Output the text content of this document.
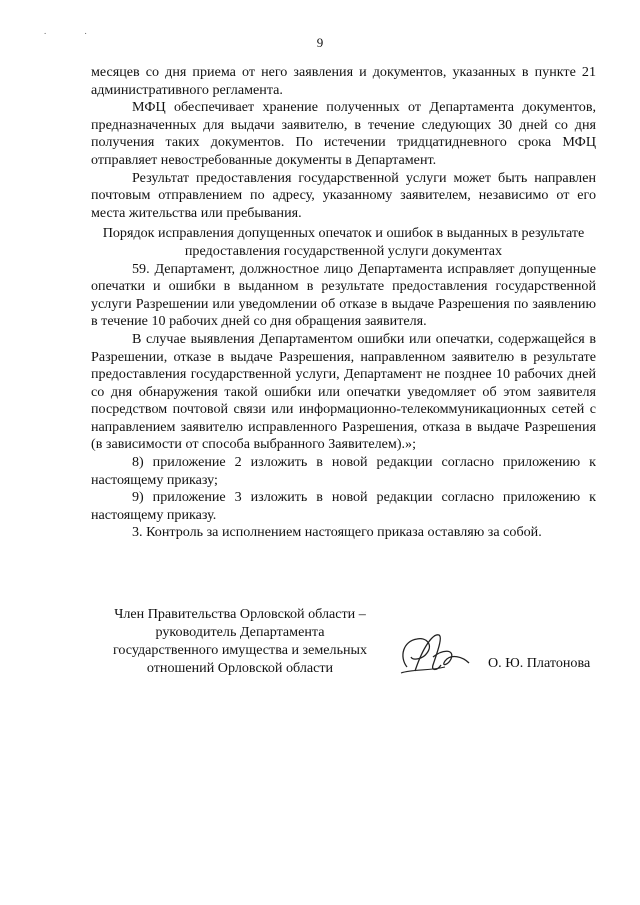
. .
9

месяцев со дня приема от него заявления и документов, указанных в пункте 21 административного регламента.

МФЦ обеспечивает хранение полученных от Департамента документов, предназначенных для выдачи заявителю, в течение следующих 30 дней со дня получения таких документов. По истечении тридцатидневного срока МФЦ отправляет невостребованные документы в Департамент.

Результат предоставления государственной услуги может быть направлен почтовым отправлением по адресу, указанному заявителем, независимо от его места жительства или пребывания.

Порядок исправления допущенных опечаток и ошибок в выданных в результате предоставления государственной услуги документах

59. Департамент, должностное лицо Департамента исправляет допущенные опечатки и ошибки в выданном в результате предоставления государственной услуги Разрешении или уведомлении об отказе в выдаче Разрешения по заявлению в течение 10 рабочих дней со дня обращения заявителя.

В случае выявления Департаментом ошибки или опечатки, содержащейся в Разрешении, отказе в выдаче Разрешения, направленном заявителю в результате предоставления государственной услуги, Департамент не позднее 10 рабочих дней со дня обнаружения такой ошибки или опечатки уведомляет об этом заявителя посредством почтовой связи или информационно-телекоммуникационных сетей с направлением заявителю исправленного Разрешения, отказа в выдаче Разрешения (в зависимости от способа выбранного Заявителем).»;

8) приложение 2 изложить в новой редакции согласно приложению к настоящему приказу;

9) приложение 3 изложить в новой редакции согласно приложению к настоящему приказу.

3. Контроль за исполнением настоящего приказа оставляю за собой.

Член Правительства Орловской области –
руководитель Департамента
государственного имущества и земельных
отношений Орловской области	О. Ю. Платонова
